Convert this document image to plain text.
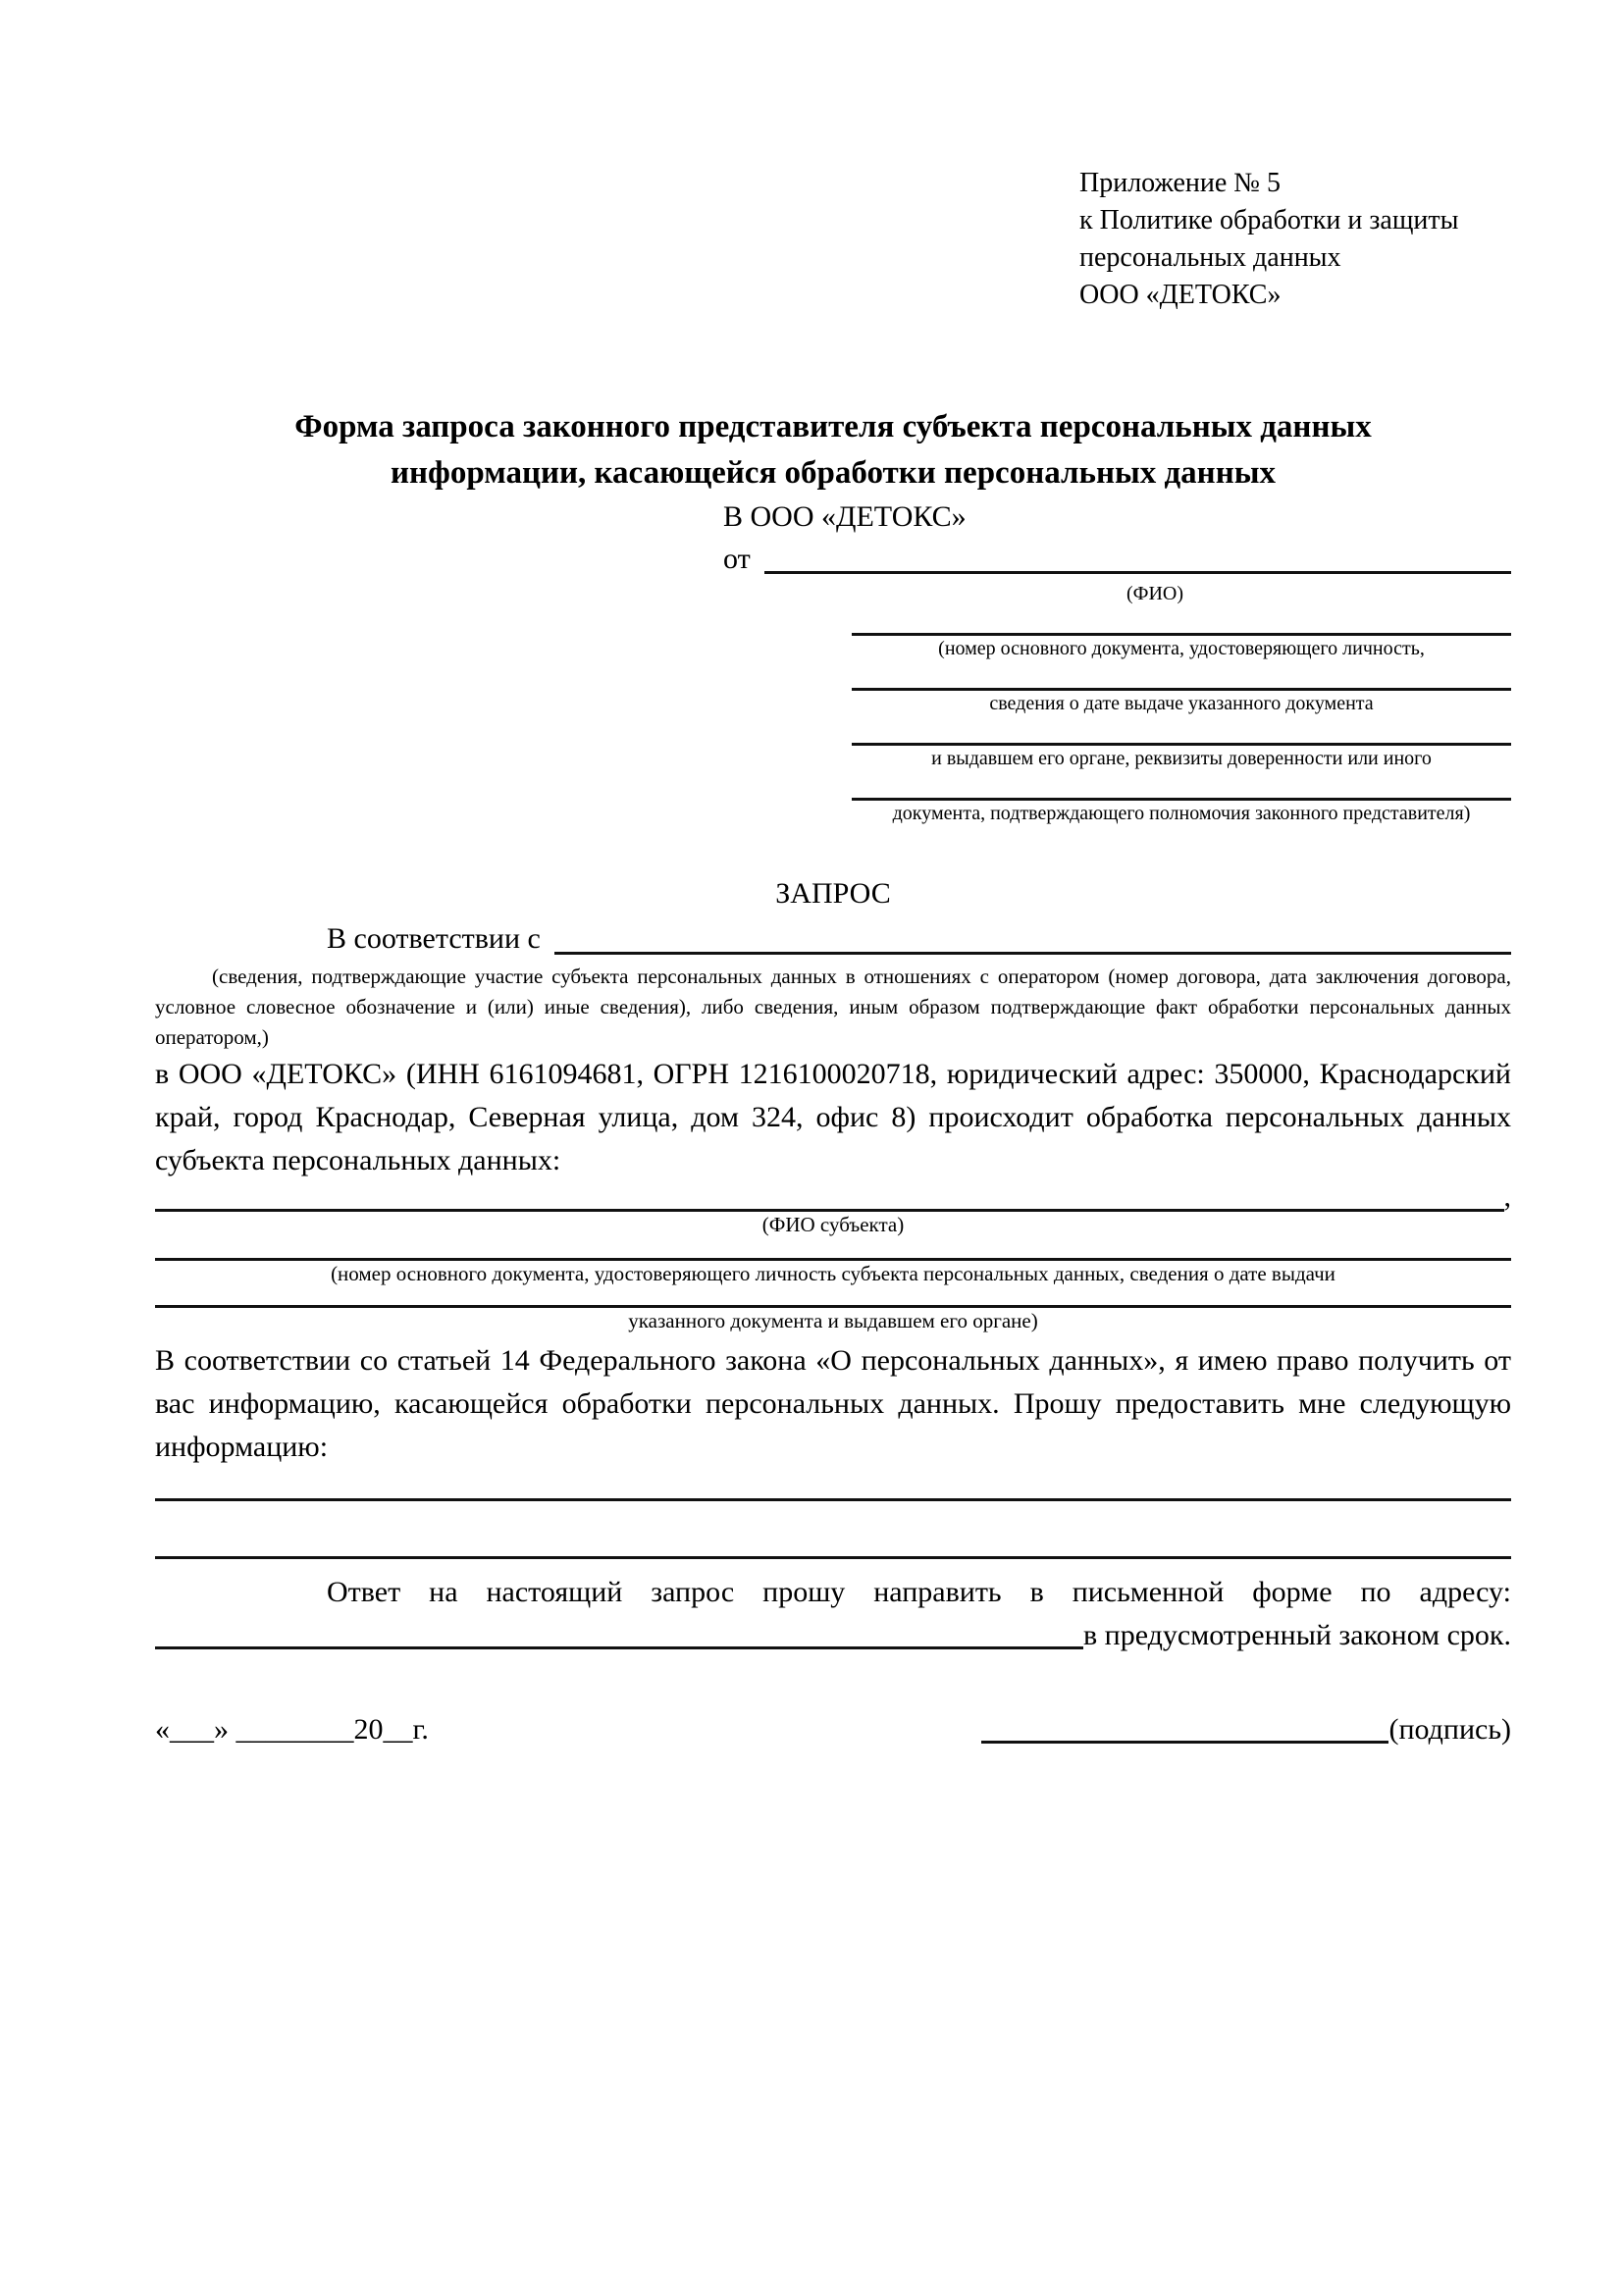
Приложение № 5
к Политике обработки и защиты
персональных данных
ООО «ДЕТОКС»
Форма запроса законного представителя субъекта персональных данных
информации, касающейся обработки персональных данных
В ООО «ДЕТОКС»
от
(ФИО)
(номер основного документа, удостоверяющего личность,
сведения о дате выдаче указанного документа
и выдавшем его органе, реквизиты доверенности или иного
документа, подтверждающего полномочия законного представителя)
ЗАПРОС
В соответствии с
(сведения, подтверждающие участие субъекта персональных данных в отношениях с оператором (номер договора, дата заключения договора, условное словесное обозначение и (или) иные сведения), либо сведения, иным образом подтверждающие факт обработки персональных данных оператором,)
в ООО «ДЕТОКС» (ИНН 6161094681, ОГРН 1216100020718, юридический адрес: 350000, Краснодарский край, город Краснодар, Северная улица, дом 324, офис 8) происходит обработка персональных данных субъекта персональных данных:
,
(ФИО субъекта)
(номер основного документа, удостоверяющего личность субъекта персональных данных, сведения о дате выдачи
указанного документа и выдавшем его органе)
В соответствии со статьей 14 Федерального закона «О персональных данных», я имею право получить от вас информацию, касающейся обработки персональных данных. Прошу предоставить мне следующую информацию:
Ответ на настоящий запрос прошу направить в письменной форме по адресу:
в предусмотренный законом срок.
«___» ________20__г.	(подпись)
